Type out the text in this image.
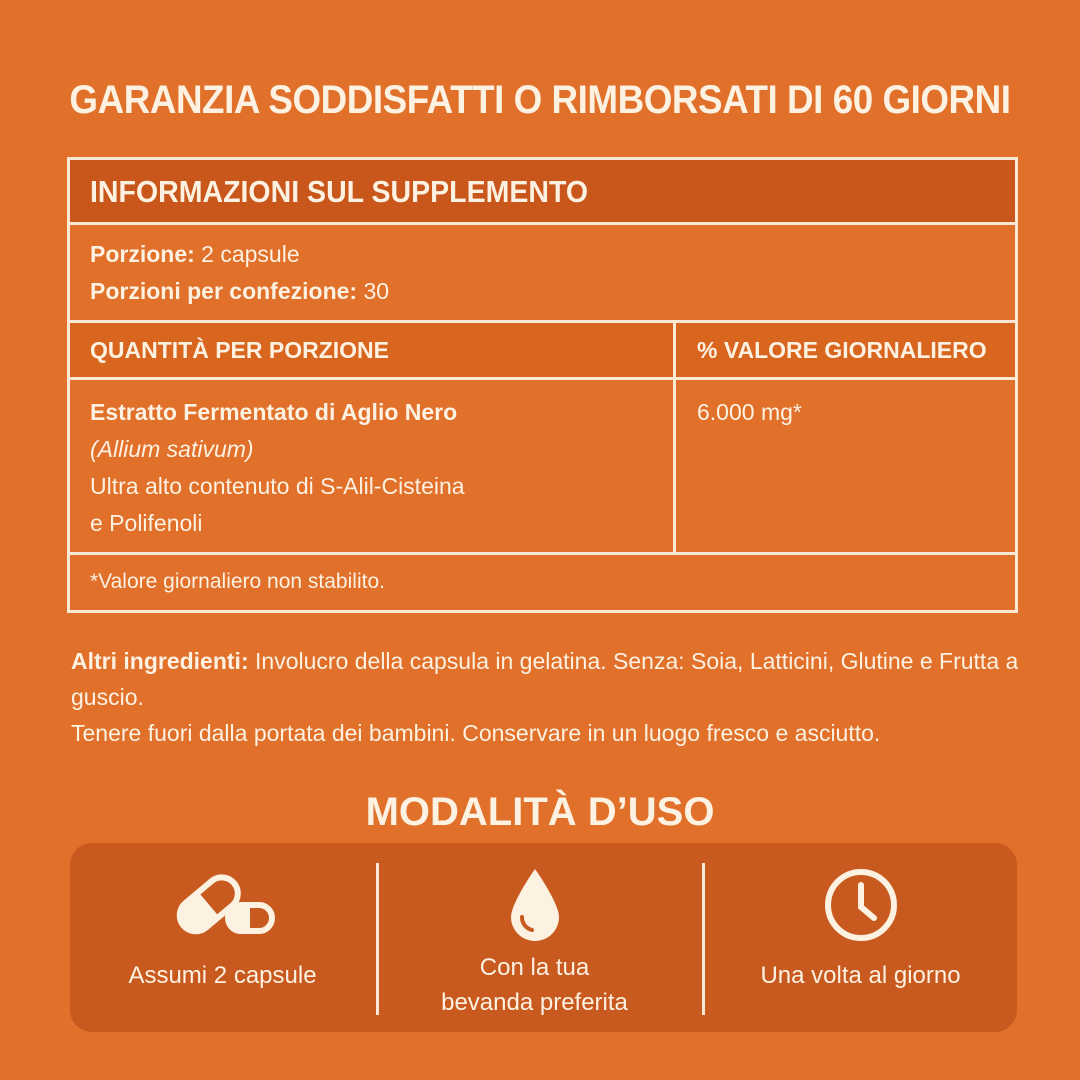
GARANZIA SODDISFATTI O RIMBORSATI DI 60 GIORNI
INFORMAZIONI SUL SUPPLEMENTO
Porzione: 2 capsule
Porzioni per confezione: 30
QUANTITÀ PER PORZIONE	% VALORE GIORNALIERO
Estratto Fermentato di Aglio Nero
(Allium sativum)
Ultra alto contenuto di S-Alil-Cisteina
e Polifenoli
6.000 mg*
*Valore giornaliero non stabilito.
Altri ingredienti: Involucro della capsula in gelatina. Senza: Soia, Latticini, Glutine e Frutta a guscio.
Tenere fuori dalla portata dei bambini. Conservare in un luogo fresco e asciutto.
MODALITÀ D’USO
Assumi 2 capsule	Con la tua
bevanda preferita
Una volta al giorno
